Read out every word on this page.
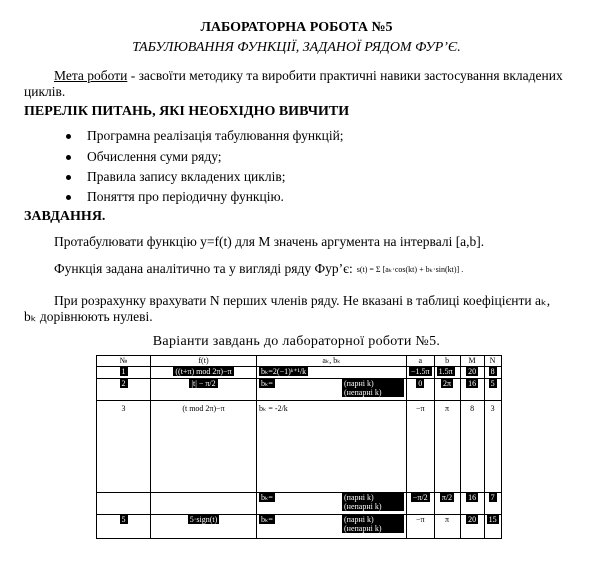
ЛАБОРАТОРНА РОБОТА №5
ТАБУЛЮВАННЯ ФУНКЦІЇ, ЗАДАНОЇ РЯДОМ ФУР’Є.
Мета роботи - засвоїти методику та виробити практичні навики застосування вкладених
циклів.
ПЕРЕЛІК ПИТАНЬ, ЯКІ НЕОБХІДНО ВИВЧИТИ
Програмна реалізація табулювання функцій;
Обчислення суми ряду;
Правила запису вкладених циклів;
Поняття про періодичну функцію.
ЗАВДАННЯ.
Протабулювати функцію y=f(t) для M значень аргумента на інтервалі [a,b].
Функція задана аналітично та у вигляді ряду Фур’є: s(t) = Σ [aₖ·cos(kt) + bₖ·sin(kt)] .
При розрахунку врахувати N перших членів ряду. Не вказані в таблиці коефіцієнти aₖ,
bₖ дорівнюють нулеві.
Варіанти завдань до лабораторної роботи №5.
№	f(t)	aₖ, bₖ	a	b	M	N
1	((t+π) mod 2π)−π	bₖ=2(−1)ᵏ⁺¹/k	−1.5π	1.5π	20	8
2	|t| − π/2	bₖ= (парні k) (непарні k)	0	2π	16	5
3	(t mod 2π)−π	bₖ = -2/k	−π	π	8	3
		bₖ= (парні k) (непарні k)	−π/2	π/2	16	7
5	5·sign(t)	bₖ= (парні k) (непарні k)	−π	π	20	15
